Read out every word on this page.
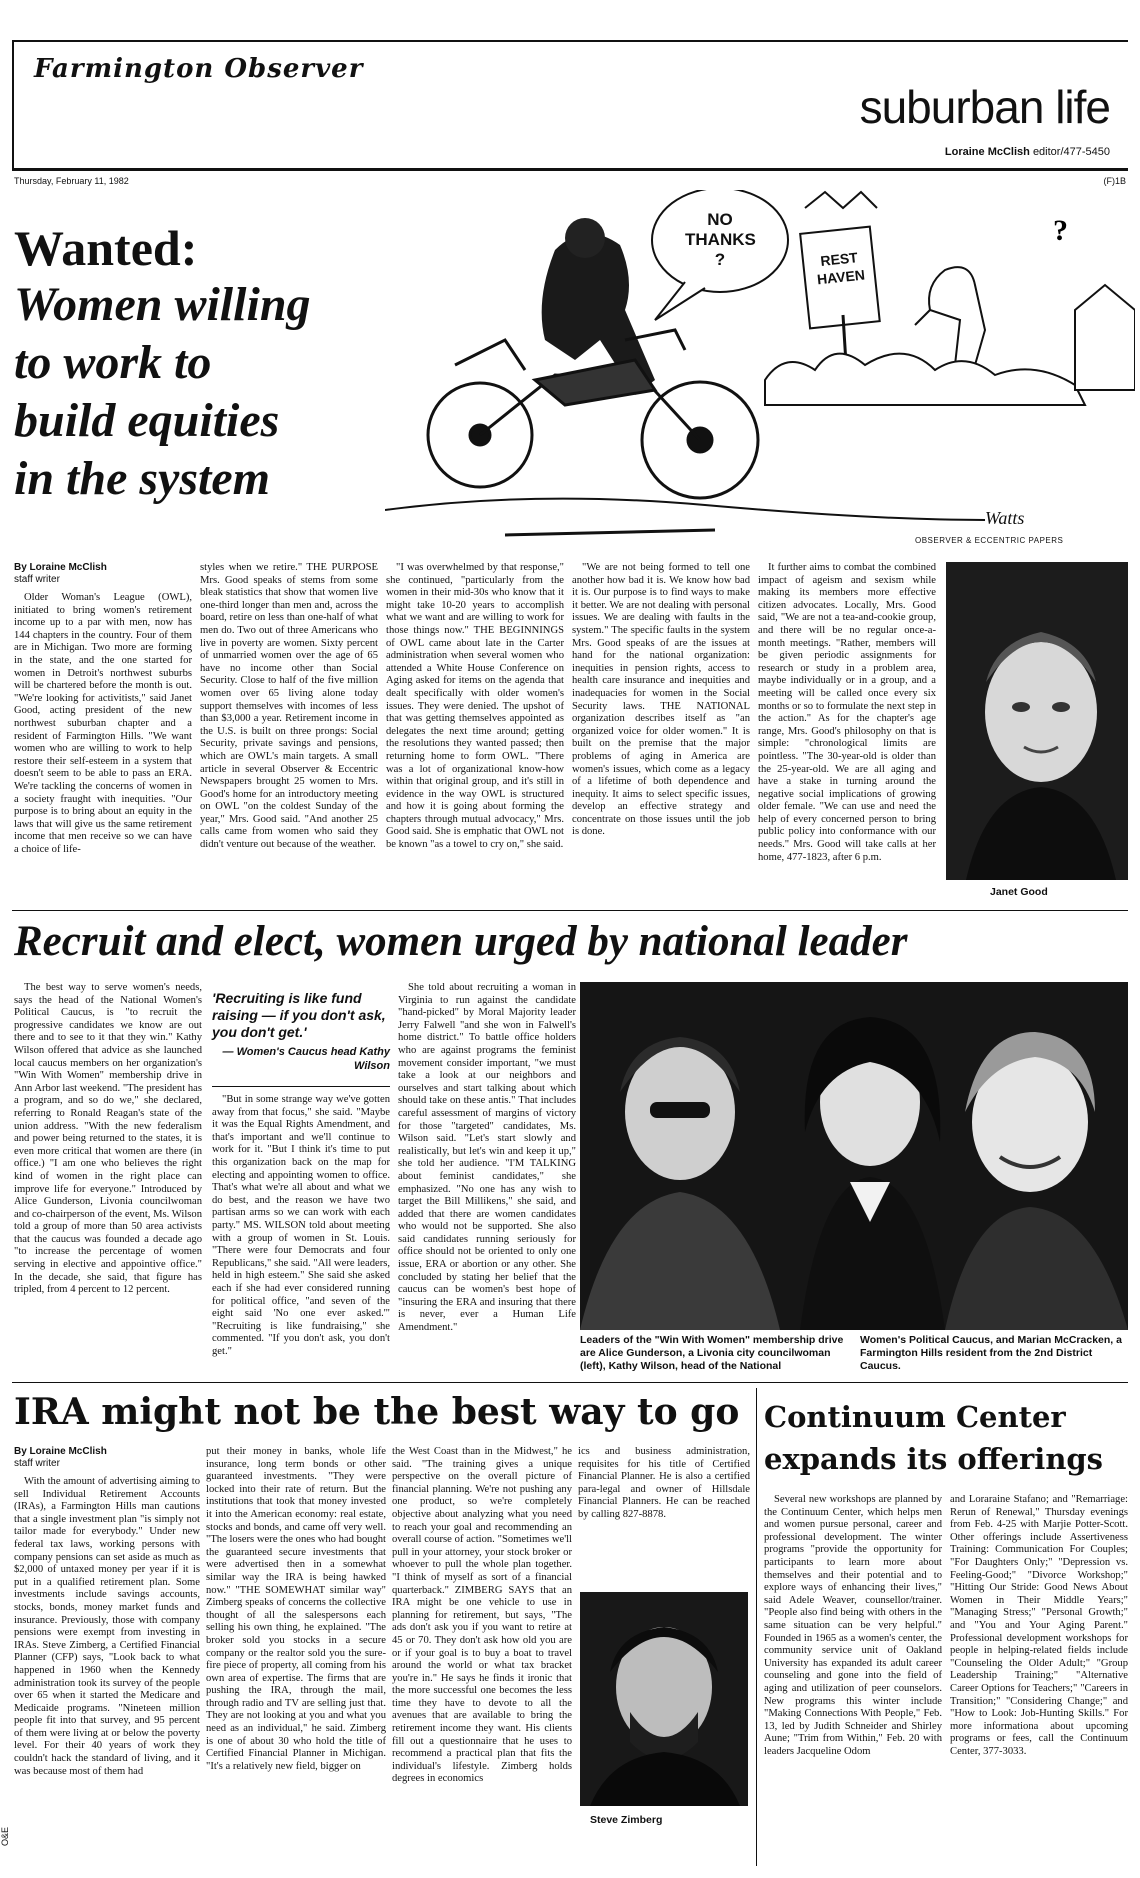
Farmington Observer
suburban life
Loraine McClish editor/477-5450
Thursday, February 11, 1982	(F)1B
Wanted:
Women willing
to work to
build equities
in the system
?
NO THANKS ?	REST HAVEN
Watts
OBSERVER & ECCENTRIC PAPERS
By Loraine McClish
staff writer

Older Woman's League (OWL), initiated to bring women's retirement income up to a par with men, now has 144 chapters in the country. Four of them are in Michigan. Two more are forming in the state, and the one started for women in Detroit's northwest suburbs will be chartered before the month is out. "We're looking for activitists," said Janet Good, acting president of the new northwest suburban chapter and a resident of Farmington Hills. "We want women who are willing to work to help restore their self-esteem in a system that doesn't seem to be able to pass an ERA. We're tackling the concerns of women in a society fraught with inequities. "Our purpose is to bring about an equity in the laws that will give us the same retirement income that men receive so we can have a choice of life-

styles when we retire." THE PURPOSE Mrs. Good speaks of stems from some bleak statistics that show that women live one-third longer than men and, across the board, retire on less than one-half of what men do. Two out of three Americans who live in poverty are women. Sixty percent of unmarried women over the age of 65 have no income other than Social Security. Close to half of the five million women over 65 living alone today support themselves with incomes of less than $3,000 a year. Retirement income in the U.S. is built on three prongs: Social Security, private savings and pensions, which are OWL's main targets. A small article in several Observer & Eccentric Newspapers brought 25 women to Mrs. Good's home for an introductory meeting on OWL "on the coldest Sunday of the year," Mrs. Good said. "And another 25 calls came from women who said they didn't venture out because of the weather.

"I was overwhelmed by that response," she continued, "particularly from the women in their mid-30s who know that it might take 10-20 years to accomplish what we want and are willing to work for those things now." THE BEGINNINGS of OWL came about late in the Carter administration when several women who attended a White House Conference on Aging asked for items on the agenda that dealt specifically with older women's issues. They were denied. The upshot of that was getting themselves appointed as delegates the next time around; getting the resolutions they wanted passed; then returning home to form OWL. "There was a lot of organizational know-how within that original group, and it's still in evidence in the way OWL is structured and how it is going about forming the chapters through mutual advocacy," Mrs. Good said. She is emphatic that OWL not be known "as a towel to cry on," she said.

"We are not being formed to tell one another how bad it is. We know how bad it is. Our purpose is to find ways to make it better. We are not dealing with personal issues. We are dealing with faults in the system." The specific faults in the system Mrs. Good speaks of are the issues at hand for the national organization: inequities in pension rights, access to health care insurance and inequities and inadequacies for women in the Social Security laws. THE NATIONAL organization describes itself as "an organized voice for older women." It is built on the premise that the major problems of aging in America are women's issues, which come as a legacy of a lifetime of both dependence and inequity. It aims to select specific issues, develop an effective strategy and concentrate on those issues until the job is done.

It further aims to combat the combined impact of ageism and sexism while making its members more effective citizen advocates. Locally, Mrs. Good said, "We are not a tea-and-cookie group, and there will be no regular once-a-month meetings. "Rather, members will be given periodic assignments for research or study in a problem area, maybe individually or in a group, and a meeting will be called once every six months or so to formulate the next step in the action." As for the chapter's age range, Mrs. Good's philosophy on that is simple: "chronological limits are pointless. "The 30-year-old is older than the 25-year-old. We are all aging and have a stake in turning around the negative social implications of growing older female. "We can use and need the help of every concerned person to bring public policy into conformance with our needs." Mrs. Good will take calls at her home, 477-1823, after 6 p.m.

Janet Good
Recruit and elect, women urged by national leader

The best way to serve women's needs, says the head of the National Women's Political Caucus, is "to recruit the progressive candidates we know are out there and to see to it that they win." Kathy Wilson offered that advice as she launched local caucus members on her organization's "Win With Women" membership drive in Ann Arbor last weekend. "The president has a program, and so do we," she declared, referring to Ronald Reagan's state of the union address. "With the new federalism and power being returned to the states, it is even more critical that women are there (in office.) "I am one who believes the right kind of women in the right place can improve life for everyone." Introduced by Alice Gunderson, Livonia councilwoman and co-chairperson of the event, Ms. Wilson told a group of more than 50 area activists that the caucus was founded a decade ago "to increase the percentage of women serving in elective and appointive office." In the decade, she said, that figure has tripled, from 4 percent to 12 percent.

'Recruiting is like fund raising — if you don't ask, you don't get.'
— Women's Caucus head Kathy Wilson

"But in some strange way we've gotten away from that focus," she said. "Maybe it was the Equal Rights Amendment, and that's important and we'll continue to work for it. "But I think it's time to put this organization back on the map for electing and appointing women to office. That's what we're all about and what we do best, and the reason we have two partisan arms so we can work with each party." MS. WILSON told about meeting with a group of women in St. Louis. "There were four Democrats and four Republicans," she said. "All were leaders, held in high esteem." She said she asked each if she had ever considered running for political office, "and seven of the eight said 'No one ever asked.'" "Recruiting is like fundraising," she commented. "If you don't ask, you don't get."

She told about recruiting a woman in Virginia to run against the candidate "hand-picked" by Moral Majority leader Jerry Falwell "and she won in Falwell's home district." To battle office holders who are against programs the feminist movement consider important, "we must take a look at our neighbors and ourselves and start talking about which should take on these antis." That includes careful assessment of margins of victory for those "targeted" candidates, Ms. Wilson said. "Let's start slowly and realistically, but let's win and keep it up," she told her audience. "I'M TALKING about feminist candidates," she emphasized. "No one has any wish to target the Bill Millikens," she said, and added that there are women candidates who would not be supported. She also said candidates running seriously for office should not be oriented to only one issue, ERA or abortion or any other. She concluded by stating her belief that the caucus can be women's best hope of "insuring the ERA and insuring that there is never, ever a Human Life Amendment."

Leaders of the "Win With Women" membership drive are Alice Gunderson, a Livonia city councilwoman (left), Kathy Wilson, head of the National
Women's Political Caucus, and Marian McCracken, a Farmington Hills resident from the 2nd District Caucus.
IRA might not be the best way to go
By Loraine McClish
staff writer

With the amount of advertising aiming to sell Individual Retirement Accounts (IRAs), a Farmington Hills man cautions that a single investment plan "is simply not tailor made for everybody." Under new federal tax laws, working persons with company pensions can set aside as much as $2,000 of untaxed money per year if it is put in a qualified retirement plan. Some investments include savings accounts, stocks, bonds, money market funds and insurance. Previously, those with company pensions were exempt from investing in IRAs. Steve Zimberg, a Certified Financial Planner (CFP) says, "Look back to what happened in 1960 when the Kennedy administration took its survey of the people over 65 when it started the Medicare and Medicaide programs. "Nineteen million people fit into that survey, and 95 percent of them were living at or below the poverty level. For their 40 years of work they couldn't hack the standard of living, and it was because most of them had

put their money in banks, whole life insurance, long term bonds or other guaranteed investments. "They were locked into their rate of return. But the institutions that took that money invested it into the American economy: real estate, stocks and bonds, and came off very well. "The losers were the ones who had bought the guaranteed secure investments that were advertised then in a somewhat similar way the IRA is being hawked now." "THE SOMEWHAT similar way" Zimberg speaks of concerns the collective thought of all the salespersons each selling his own thing, he explained. "The broker sold you stocks in a secure company or the realtor sold you the sure-fire piece of property, all coming from his own area of expertise. The firms that are pushing the IRA, through the mail, through radio and TV are selling just that. They are not looking at you and what you need as an individual," he said. Zimberg is one of about 30 who hold the title of Certified Financial Planner in Michigan. "It's a relatively new field, bigger on

the West Coast than in the Midwest," he said. "The training gives a unique perspective on the overall picture of financial planning. We're not pushing any one product, so we're completely objective about analyzing what you need to reach your goal and recommending an overall course of action. "Sometimes we'll pull in your attorney, your stock broker or whoever to pull the whole plan together. "I think of myself as sort of a financial quarterback." ZIMBERG SAYS that an IRA might be one vehicle to use in planning for retirement, but says, "The ads don't ask you if you want to retire at 45 or 70. They don't ask how old you are or if your goal is to buy a boat to travel around the world or what tax bracket you're in." He says he finds it ironic that the more successful one becomes the less time they have to devote to all the avenues that are available to bring the retirement income they want. His clients fill out a questionnaire that he uses to recommend a practical plan that fits the individual's lifestyle. Zimberg holds degrees in economics

ics and business administration, requisites for his title of Certified Financial Planner. He is also a certified para-legal and owner of Hillsdale Financial Planners. He can be reached by calling 827-8878.

Steve Zimberg
Continuum Center
expands its offerings

Several new workshops are planned by the Continuum Center, which helps men and women pursue personal, career and professional development. The winter programs "provide the opportunity for participants to learn more about themselves and their potential and to explore ways of enhancing their lives," said Adele Weaver, counsellor/trainer. "People also find being with others in the same situation can be very helpful." Founded in 1965 as a women's center, the community service unit of Oakland University has expanded its adult career counseling and gone into the field of aging and utilization of peer counselors. New programs this winter include "Making Connections With People," Feb. 13, led by Judith Schneider and Shirley Aune; "Trim from Within," Feb. 20 with leaders Jacqueline Odom

and Loraraine Stafano; and "Remarriage: Rerun of Renewal," Thursday evenings from Feb. 4-25 with Marjie Potter-Scott. Other offerings include Assertiveness Training: Communication For Couples; "For Daughters Only;" "Depression vs. Feeling-Good;" "Divorce Workshop;" "Hitting Our Stride: Good News About Women in Their Middle Years;" "Managing Stress;" "Personal Growth;" and "You and Your Aging Parent." Professional development workshops for people in helping-related fields include "Counseling the Older Adult;" "Group Leadership Training;" "Alternative Career Options for Teachers;" "Careers in Transition;" "Considering Change;" and "How to Look: Job-Hunting Skills." For more informationa about upcoming programs or fees, call the Continuum Center, 377-3033.

O&E
